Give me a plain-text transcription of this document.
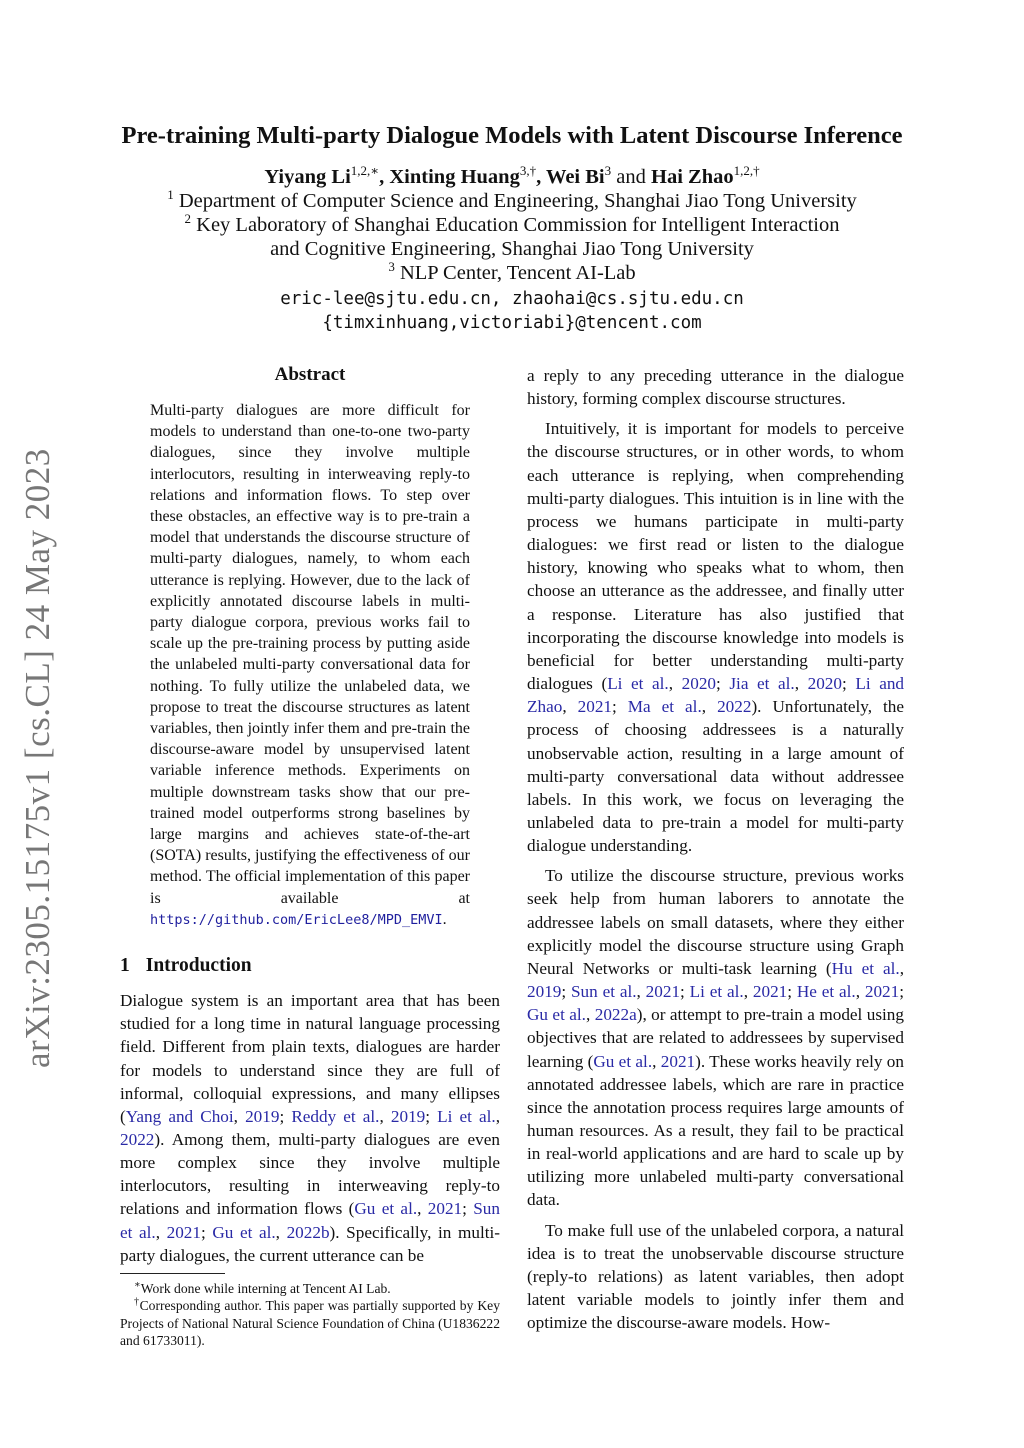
arXiv:2305.15175v1 [cs.CL] 24 May 2023
Pre-training Multi-party Dialogue Models with Latent Discourse Inference
Yiyang $Li^{1,2,∗}$, Xinting Huang$^{3,\dagger}$, Wei Bi$^3$ and Hai Zhao$^{1,2,\dagger}$
$^1$ Department of Computer Science and Engineering, Shanghai Jiao Tong University
$^2$ Key Laboratory of Shanghai Education Commission for Intelligent Interaction
and Cognitive Engineering, Shanghai Jiao Tong University
$^3$ NLP Center, Tencent AI-Lab
eric-lee@sjtu.edu.cn, zhaohai@cs.sjtu.edu.cn
{timxinhuang,victoriabi}@tencent.com
Abstract

Multi-party dialogues are more difficult for models to understand than one-to-one two-party dialogues, since they involve multiple interlocutors, resulting in interweaving reply-to relations and information flows. To step over these obstacles, an effective way is to pre-train a model that understands the discourse structure of multi-party dialogues, namely, to whom each utterance is replying. However, due to the lack of explicitly annotated discourse labels in multi-party dialogue corpora, previous works fail to scale up the pre-training process by putting aside the unlabeled multi-party conversational data for nothing. To fully utilize the unlabeled data, we propose to treat the discourse structures as latent variables, then jointly infer them and pre-train the discourse-aware model by unsupervised latent variable inference methods. Experiments on multiple downstream tasks show that our pre-trained model outperforms strong baselines by large margins and achieves state-of-the-art (SOTA) results, justifying the effectiveness of our method. The official implementation of this paper is available at https://github.com/EricLee8/MPD_EMVI.

1 Introduction

Dialogue system is an important area that has been studied for a long time in natural language processing field. Different from plain texts, dialogues are harder for models to understand since they are full of informal, colloquial expressions, and many ellipses (Yang and Choi, 2019; Reddy et al., 2019; Li et al., 2022). Among them, multi-party dialogues are even more complex since they involve multiple interlocutors, resulting in interweaving reply-to relations and information flows (Gu et al., 2021; Sun et al., 2021; Gu et al., 2022b). Specifically, in multi-party dialogues, the current utterance can be

∗Work done while interning at Tencent AI Lab.

†Corresponding author. This paper was partially supported by Key Projects of National Natural Science Foundation of China (U1836222 and 61733011).

a reply to any preceding utterance in the dialogue history, forming complex discourse structures.

Intuitively, it is important for models to perceive the discourse structures, or in other words, to whom each utterance is replying, when comprehending multi-party dialogues. This intuition is in line with the process we humans participate in multi-party dialogues: we first read or listen to the dialogue history, knowing who speaks what to whom, then choose an utterance as the addressee, and finally utter a response. Literature has also justified that incorporating the discourse knowledge into models is beneficial for better understanding multi-party dialogues (Li et al., 2020; Jia et al., 2020; Li and Zhao, 2021; Ma et al., 2022). Unfortunately, the process of choosing addressees is a naturally unobservable action, resulting in a large amount of multi-party conversational data without addressee labels. In this work, we focus on leveraging the unlabeled data to pre-train a model for multi-party dialogue understanding.

To utilize the discourse structure, previous works seek help from human laborers to annotate the addressee labels on small datasets, where they either explicitly model the discourse structure using Graph Neural Networks or multi-task learning (Hu et al., 2019; Sun et al., 2021; Li et al., 2021; He et al., 2021; Gu et al., 2022a), or attempt to pre-train a model using objectives that are related to addressees by supervised learning (Gu et al., 2021). These works heavily rely on annotated addressee labels, which are rare in practice since the annotation process requires large amounts of human resources. As a result, they fail to be practical in real-world applications and are hard to scale up by utilizing more unlabeled multi-party conversational data.

To make full use of the unlabeled corpora, a natural idea is to treat the unobservable discourse structure (reply-to relations) as latent variables, then adopt latent variable models to jointly infer them and optimize the discourse-aware models. How-
